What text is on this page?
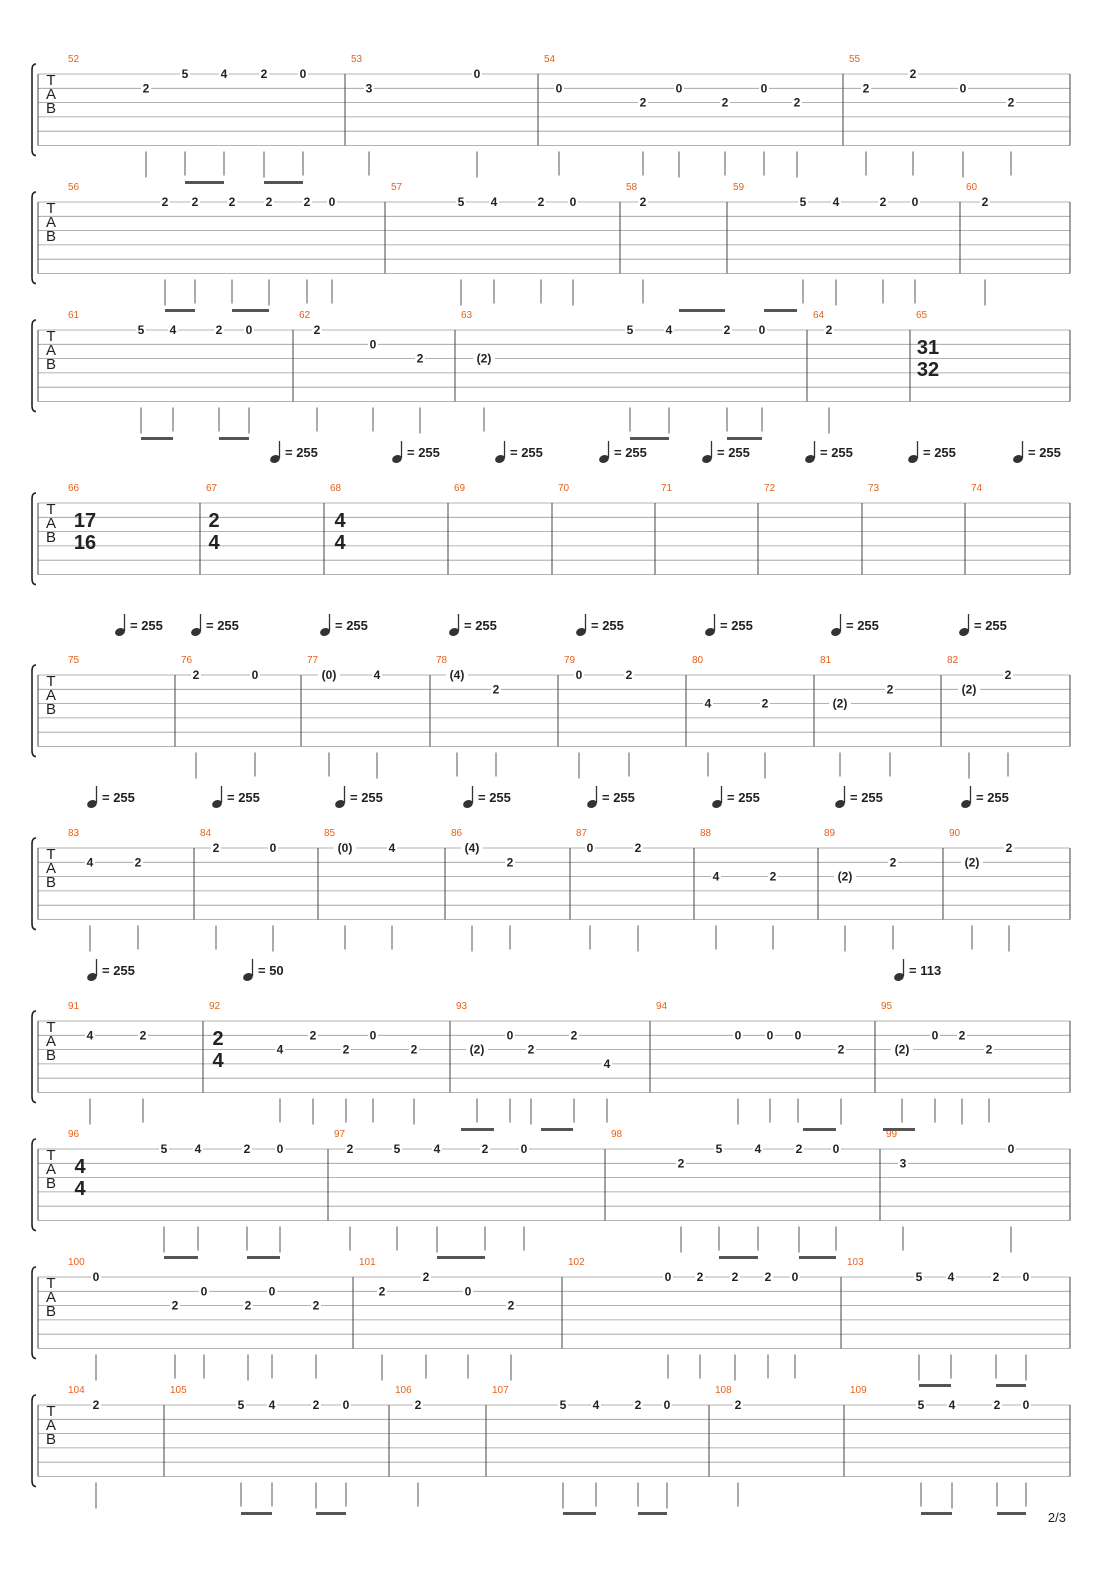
T
A
B
52	53	54	55
2
5	4	2	0
3
0
0
2
0
2
0
2
2
2
0
2
T
A
B
56	57	58	59	60
2 2	2	2	2 0	5 4	2 0	2	5 4	2 0	2
T
A
B
61	62	63	64	65
5 4	2 0	2
0
2	(2)
5	4	2 0	2
T
A
B
66	67	68	69	70	71	72	73	74
T
A
B
75	76	77	78	79	80	81	82
2	0	(0)	4	(4)
2
0	2
4	2	(2)
2	(2)
2
T
A
B
83	84	85	86	87	88	89	90
4	2
2	0	(0)	4	(4)
2
0	2
4	2	(2)
2	(2)
2
T
A
B
91	92	93	94	95
4	2
4
2
2
0
2	(2)
0
2
2
4
0 0 0
2	(2)
0 2
2
T
A
B
96	97	98	99
5 4	2 0	2	5	4	2	0
2
5	4	2	0
3
0
T
A
B
100	101	102	103
0
2
0
2
0
2
2
2
0
2
0 2 2 2 0	5 4	2 0
T
A
B
104	105	106	107	108	109
2	5 4	2 0	2	5 4	2 0	2	5 4	2 0
31
32
17
16
2
4
4
4
2
4
4
4
= 255	= 255	= 255	= 255	= 255	= 255	= 255	= 255
= 255	= 255	= 255	= 255	= 255	= 255	= 255	= 255
= 255	= 255	= 255	= 255	= 255	= 255	= 255	= 255
= 255	= 50	= 113
2/3
